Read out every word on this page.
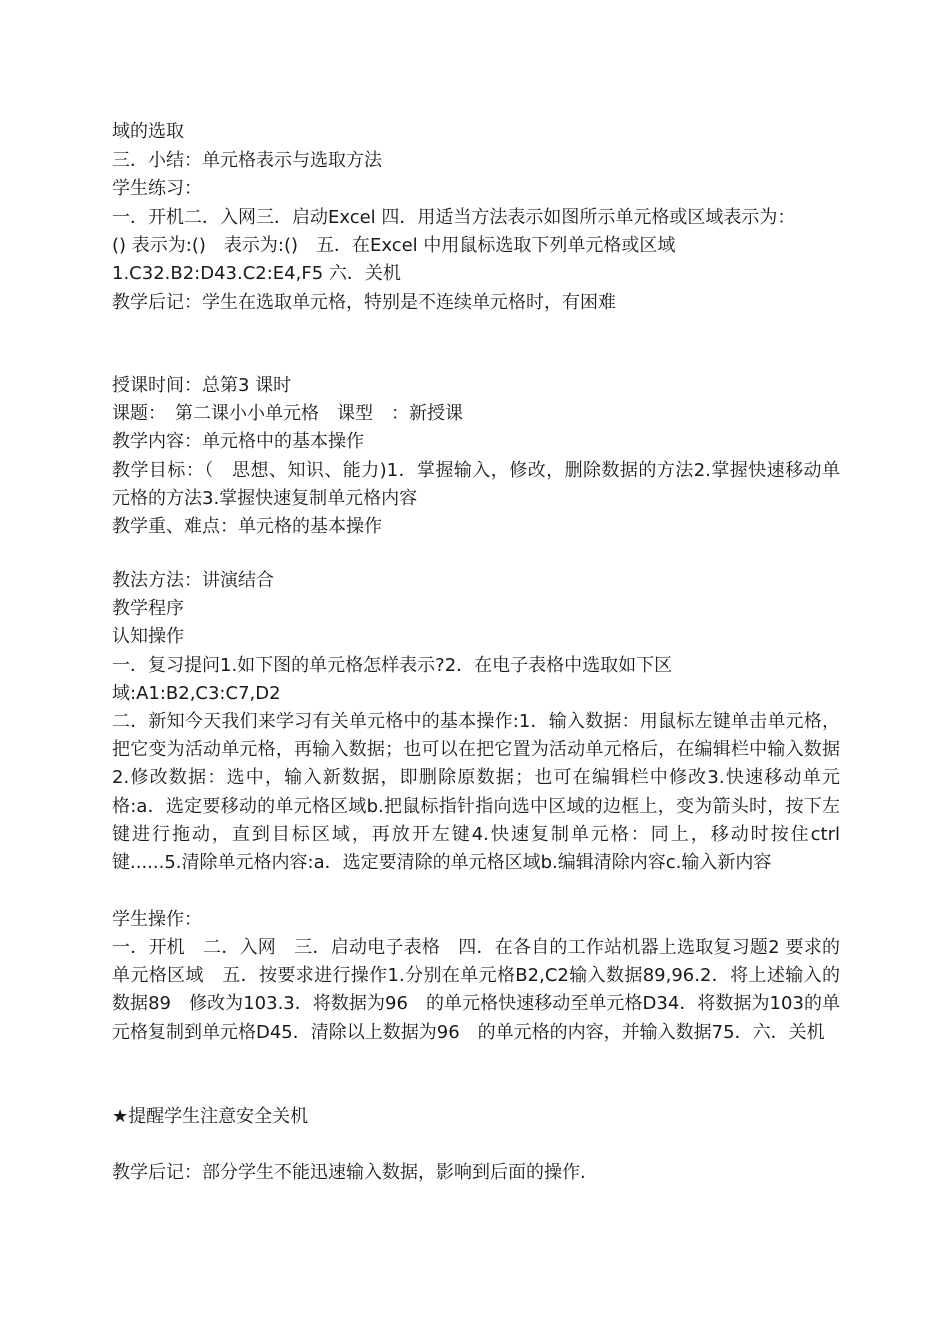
域的选取
三．小结：单元格表示与选取方法
学生练习：
一．开机二．入网三．启动Excel 四．用适当方法表示如图所示单元格或区域表示为：
() 表示为:()　表示为:()　五．在Excel 中用鼠标选取下列单元格或区域
1.C32.B2:D43.C2:E4,F5 六．关机
教学后记：学生在选取单元格，特别是不连续单元格时，有困难
授课时间：总第3 课时
课题：　第二课小小单元格　课型　：新授课
教学内容：单元格中的基本操作
教学目标：（　思想、知识、能力)1．掌握输入，修改，删除数据的方法2.掌握快速移动单元格的方法3.掌握快速复制单元格内容
教学重、难点：单元格的基本操作
教法方法：讲演结合
教学程序
认知操作
一．复习提问1.如下图的单元格怎样表示?2．在电子表格中选取如下区
域:A1:B2,C3:C7,D2
二．新知今天我们来学习有关单元格中的基本操作:1．输入数据：用鼠标左键单击单元格，把它变为活动单元格，再输入数据；也可以在把它置为活动单元格后，在编辑栏中输入数据2.修改数据：选中，输入新数据，即删除原数据；也可在编辑栏中修改3.快速移动单元格:a．选定要移动的单元格区域b.把鼠标指针指向选中区域的边框上，变为箭头时，按下左键进行拖动，直到目标区域，再放开左键4.快速复制单元格：同上，移动时按住ctrl 键......5.清除单元格内容:a．选定要清除的单元格区域b.编辑清除内容c.输入新内容
学生操作：
一．开机　二．入网　三．启动电子表格　四．在各自的工作站机器上选取复习题2 要求的单元格区域　五．按要求进行操作1.分别在单元格B2,C2输入数据89,96.2．将上述输入的数据89　修改为103.3．将数据为96　的单元格快速移动至单元格D34．将数据为103的单元格复制到单元格D45．清除以上数据为96　的单元格的内容，并输入数据75．六．关机
★提醒学生注意安全关机
教学后记：部分学生不能迅速输入数据，影响到后面的操作.
